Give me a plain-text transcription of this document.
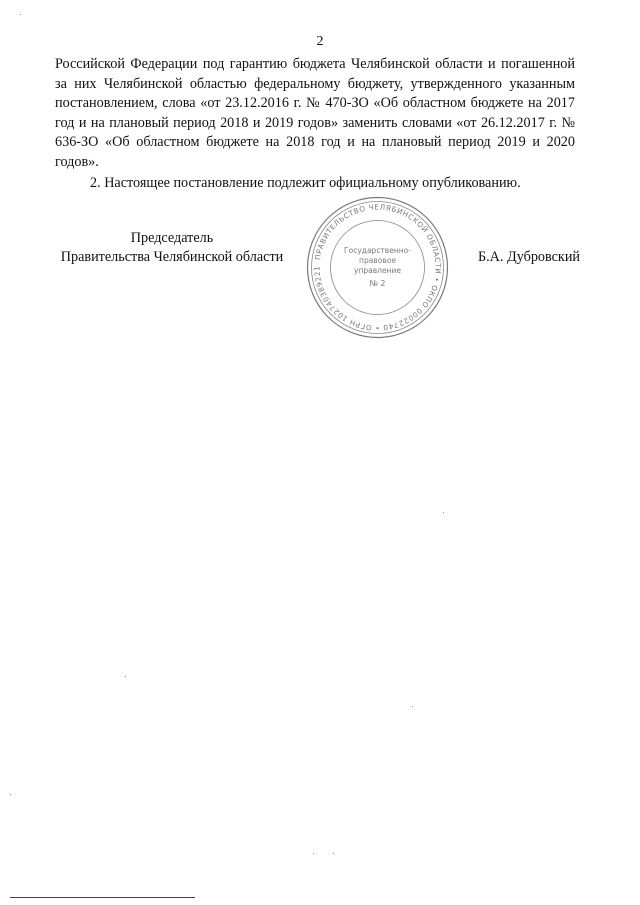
2

Российской Федерации под гарантию бюджета Челябинской области и погашенной за них Челябинской областью федеральному бюджету, утвержденного указанным постановлением, слова «от 23.12.2016 г. № 470-ЗО «Об областном бюджете на 2017 год и на плановый период 2018 и 2019 годов» заменить словами «от 26.12.2017 г. № 636-ЗО «Об областном бюджете на 2018 год и на плановый период 2019 и 2020 годов».

2. Настоящее постановление подлежит официальному опубликованию.

Председатель
Правительства Челябинской области	ПРАВИТЕЛЬСТВО ЧЕЛЯБИНСКОЙ ОБЛАСТИ • ОКПО 00022740 • ОГРН 102740389221
Государственно-
правовое
управление
№ 2
Б.А. Дубровский
